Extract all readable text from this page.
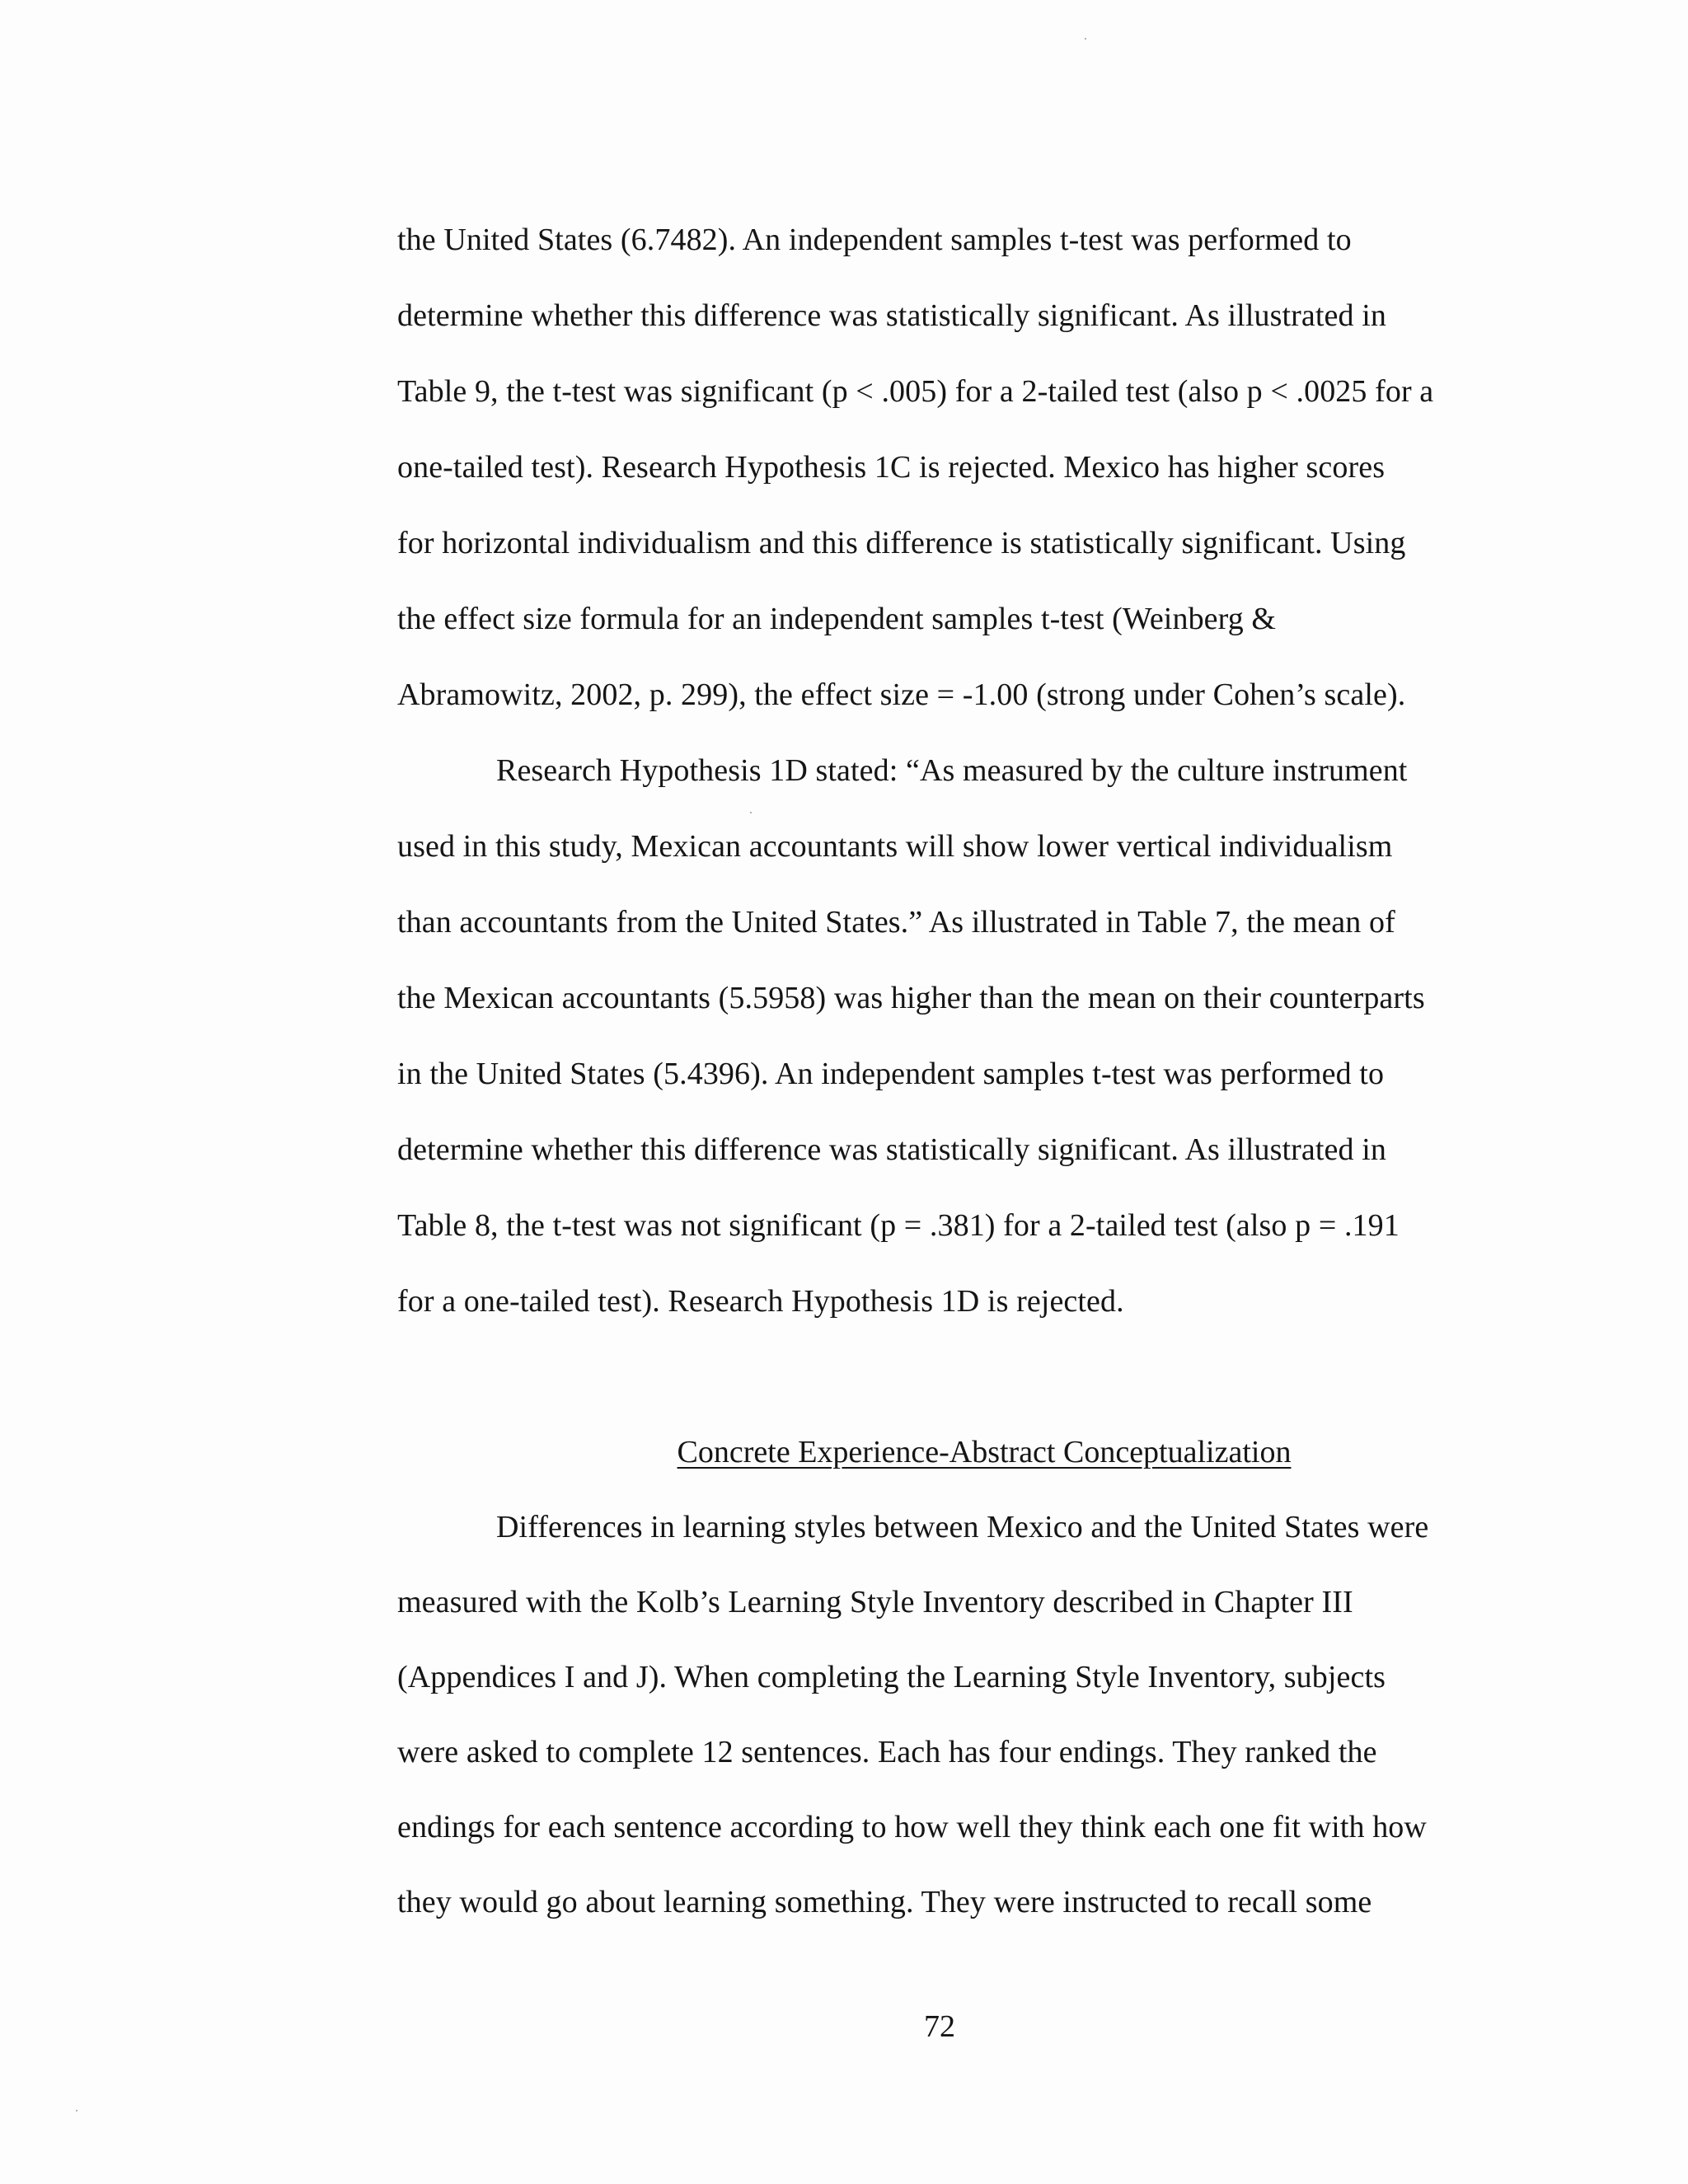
the United States (6.7482). An independent samples t-test was performed to
determine whether this difference was statistically significant. As illustrated in
Table 9, the t-test was significant (p < .005) for a 2-tailed test (also p < .0025 for a
one-tailed test). Research Hypothesis 1C is rejected. Mexico has higher scores
for horizontal individualism and this difference is statistically significant. Using
the effect size formula for an independent samples t-test (Weinberg &
Abramowitz, 2002, p. 299), the effect size = -1.00 (strong under Cohen’s scale).
Research Hypothesis 1D stated: “As measured by the culture instrument
used in this study, Mexican accountants will show lower vertical individualism
than accountants from the United States.” As illustrated in Table 7, the mean of
the Mexican accountants (5.5958) was higher than the mean on their counterparts
in the United States (5.4396). An independent samples t-test was performed to
determine whether this difference was statistically significant. As illustrated in
Table 8, the t-test was not significant (p = .381) for a 2-tailed test (also p = .191
for a one-tailed test). Research Hypothesis 1D is rejected.
Concrete Experience-Abstract Conceptualization
Differences in learning styles between Mexico and the United States were
measured with the Kolb’s Learning Style Inventory described in Chapter III
(Appendices I and J). When completing the Learning Style Inventory, subjects
were asked to complete 12 sentences. Each has four endings. They ranked the
endings for each sentence according to how well they think each one fit with how
they would go about learning something. They were instructed to recall some
72
